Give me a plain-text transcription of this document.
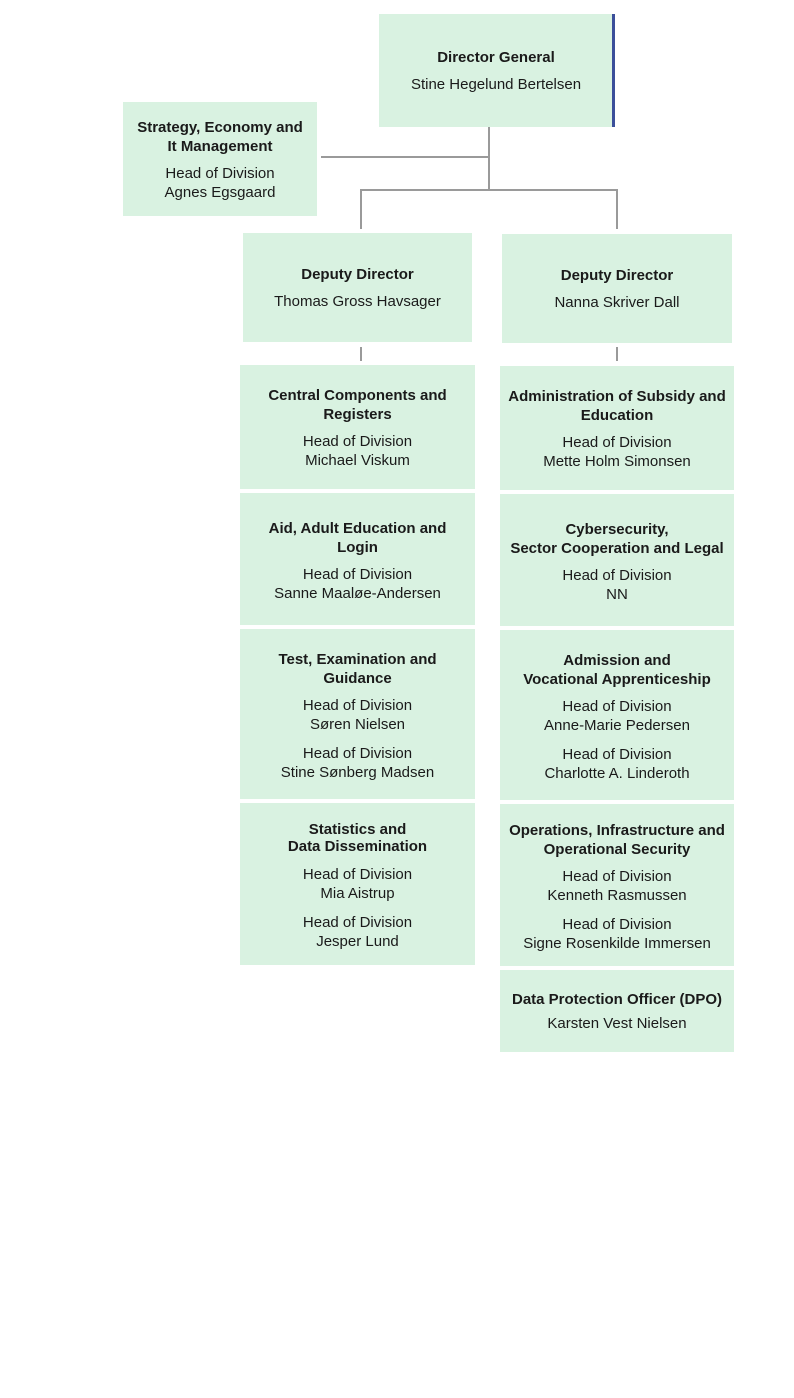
Director General
Stine Hegelund Bertelsen
Strategy, Economy and
It Management
Head of Division
Agnes Egsgaard
Deputy Director
Thomas Gross Havsager
Deputy Director
Nanna Skriver Dall
Central Components and
Registers
Head of Division
Michael Viskum
Aid, Adult Education and
Login
Head of Division
Sanne Maaløe-Andersen
Test, Examination and
Guidance
Head of Division
Søren Nielsen
Head of Division
Stine Sønberg Madsen
Statistics and
Data Dissemination
Head of Division
Mia Aistrup
Head of Division
Jesper Lund
Administration of Subsidy and
Education
Head of Division
Mette Holm Simonsen
Cybersecurity,
Sector Cooperation and Legal
Head of Division
NN
Admission and
Vocational Apprenticeship
Head of Division
Anne-Marie Pedersen
Head of Division
Charlotte A. Linderoth
Operations, Infrastructure and
Operational Security
Head of Division
Kenneth Rasmussen
Head of Division
Signe Rosenkilde Immersen
Data Protection Officer (DPO)
Karsten Vest Nielsen
